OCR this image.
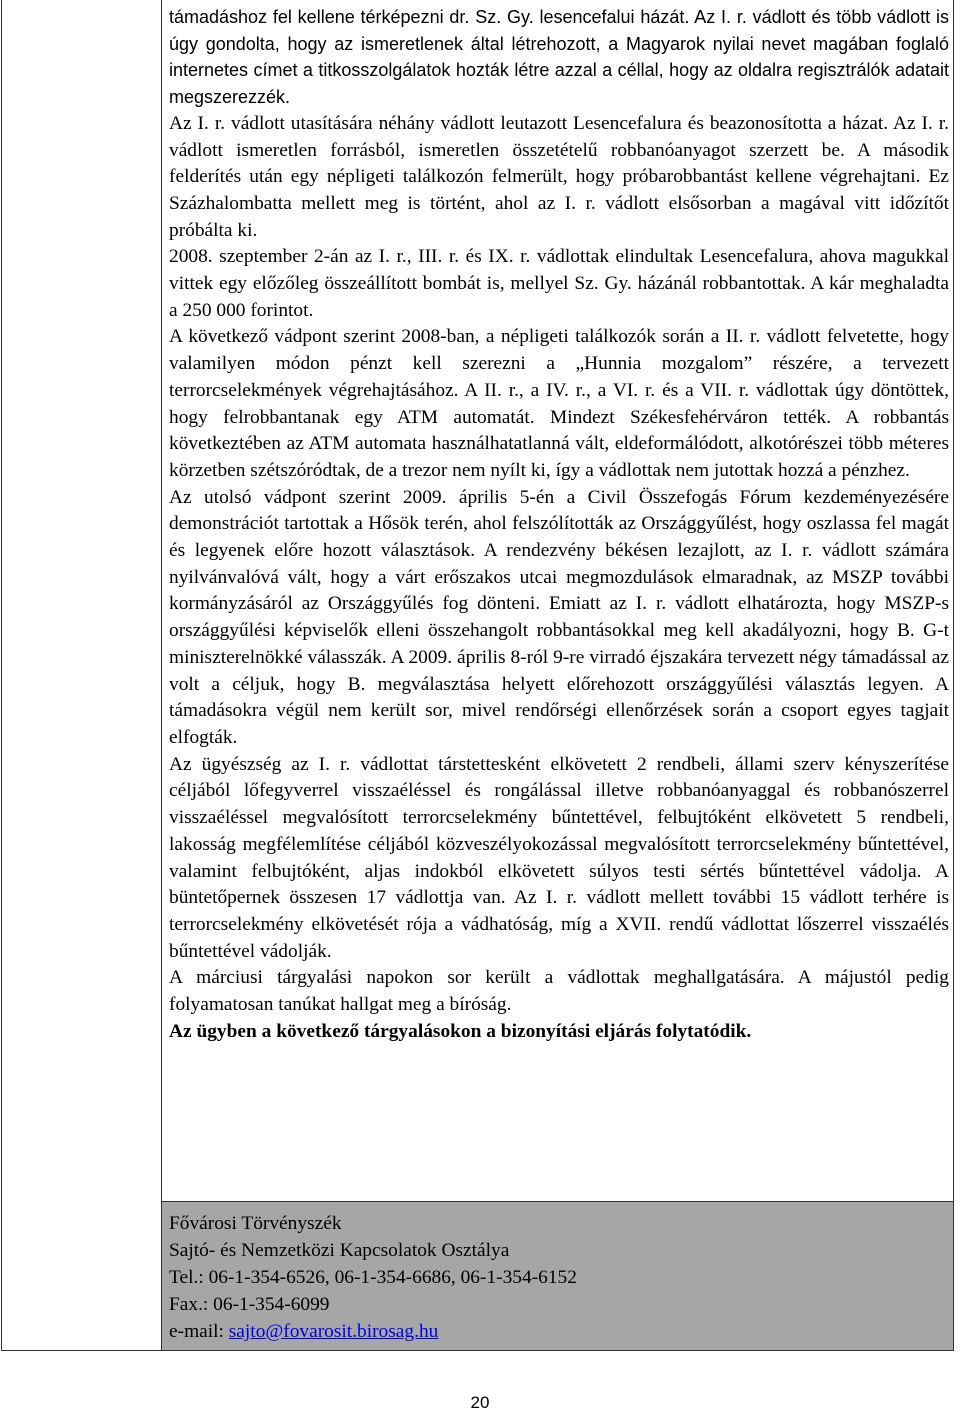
támadáshoz fel kellene térképezni dr. Sz. Gy. lesencefalui házát. Az I. r. vádlott és több vádlott is úgy gondolta, hogy az ismeretlenek által létrehozott, a Magyarok nyilai nevet magában foglaló internetes címet a titkosszolgálatok hozták létre azzal a céllal, hogy az oldalra regisztrálók adatait megszerezzék.

Az I. r. vádlott utasítására néhány vádlott leutazott Lesencefalura és beazonosította a házat. Az I. r. vádlott ismeretlen forrásból, ismeretlen összetételű robbanóanyagot szerzett be. A második felderítés után egy népligeti találkozón felmerült, hogy próbarobbantást kellene végrehajtani. Ez Százhalombatta mellett meg is történt, ahol az I. r. vádlott elsősorban a magával vitt időzítőt próbálta ki.

2008. szeptember 2-án az I. r., III. r. és IX. r. vádlottak elindultak Lesencefalura, ahova magukkal vittek egy előzőleg összeállított bombát is, mellyel Sz. Gy. házánál robbantottak. A kár meghaladta a 250 000 forintot.

A következő vádpont szerint 2008-ban, a népligeti találkozók során a II. r. vádlott felvetette, hogy valamilyen módon pénzt kell szerezni a „Hunnia mozgalom” részére, a tervezett terrorcselekmények végrehajtásához. A II. r., a IV. r., a VI. r. és a VII. r. vádlottak úgy döntöttek, hogy felrobbantanak egy ATM automatát. Mindezt Székesfehérváron tették. A robbantás következtében az ATM automata használhatatlanná vált, eldeformálódott, alkotórészei több méteres körzetben szétszóródtak, de a trezor nem nyílt ki, így a vádlottak nem jutottak hozzá a pénzhez.

Az utolsó vádpont szerint 2009. április 5-én a Civil Összefogás Fórum kezdeményezésére demonstrációt tartottak a Hősök terén, ahol felszólították az Országgyűlést, hogy oszlassa fel magát és legyenek előre hozott választások. A rendezvény békésen lezajlott, az I. r. vádlott számára nyilvánvalóvá vált, hogy a várt erőszakos utcai megmozdulások elmaradnak, az MSZP további kormányzásáról az Országgyűlés fog dönteni. Emiatt az I. r. vádlott elhatározta, hogy MSZP-s országgyűlési képviselők elleni összehangolt robbantásokkal meg kell akadályozni, hogy B. G-t miniszterelnökké válasszák. A 2009. április 8-ról 9-re virradó éjszakára tervezett négy támadással az volt a céljuk, hogy B. megválasztása helyett előrehozott országgyűlési választás legyen. A támadásokra végül nem került sor, mivel rendőrségi ellenőrzések során a csoport egyes tagjait elfogták.

Az ügyészség az I. r. vádlottat társtettesként elkövetett 2 rendbeli, állami szerv kényszerítése céljából lőfegyverrel visszaéléssel és rongálással illetve robbanóanyaggal és robbanószerrel visszaéléssel megvalósított terrorcselekmény bűntettével, felbujtóként elkövetett 5 rendbeli, lakosság megfélemlítése céljából közveszélyokozással megvalósított terrorcselekmény bűntettével, valamint felbujtóként, aljas indokból elkövetett súlyos testi sértés bűntettével vádolja. A büntetőpernek összesen 17 vádlottja van. Az I. r. vádlott mellett további 15 vádlott terhére is terrorcselekmény elkövetését rója a vádhatóság, míg a XVII. rendű vádlottat lőszerrel visszaélés bűntettével vádolják.

A márciusi tárgyalási napokon sor került a vádlottak meghallgatására. A májustól pedig folyamatosan tanúkat hallgat meg a bíróság.

Az ügyben a következő tárgyalásokon a bizonyítási eljárás folytatódik.

Fővárosi Törvényszék
Sajtó- és Nemzetközi Kapcsolatok Osztálya
Tel.: 06-1-354-6526, 06-1-354-6686, 06-1-354-6152
Fax.: 06-1-354-6099
e-mail: sajto@fovarosit.birosag.hu
20
